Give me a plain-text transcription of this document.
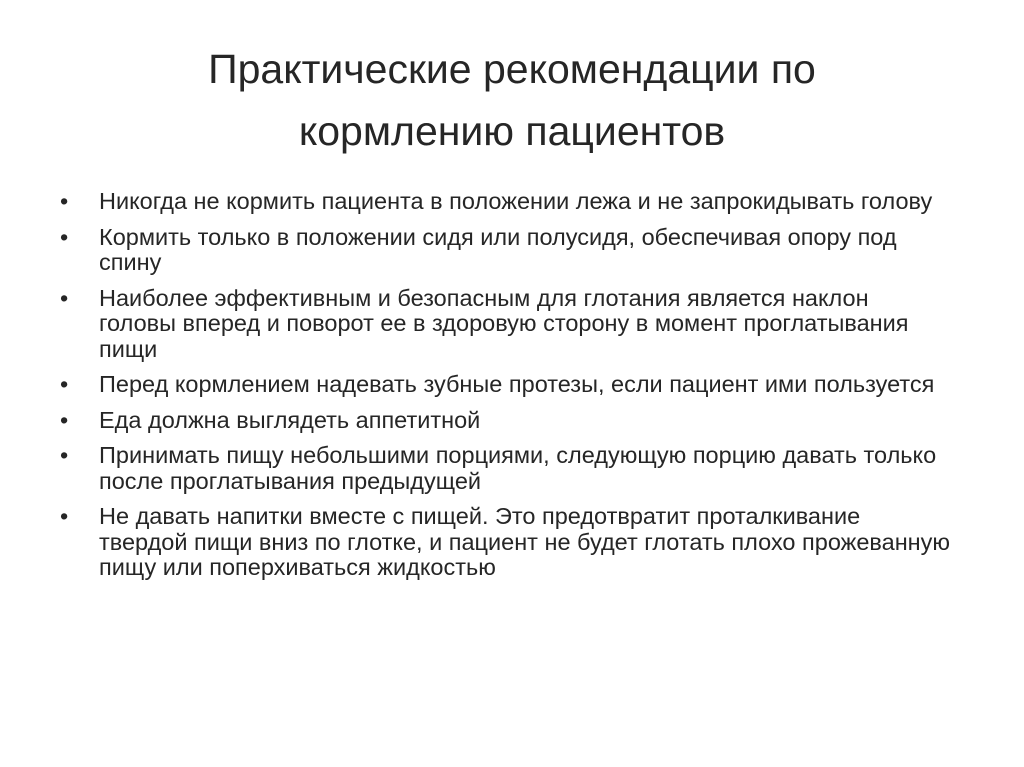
Практические рекомендации по
кормлению пациентов
• Никогда не кормить пациента в положении лежа и не запрокидывать голову
• Кормить только в положении сидя или полусидя, обеспечивая опору под спину
• Наиболее эффективным и безопасным для глотания является наклон головы вперед и поворот ее в здоровую сторону в момент проглатывания пищи
• Перед кормлением надевать зубные протезы, если пациент ими пользуется
• Еда должна выглядеть аппетитной
• Принимать пищу небольшими порциями, следующую порцию давать только после проглатывания предыдущей
• Не давать напитки вместе с пищей. Это предотвратит проталкивание твердой пищи вниз по глотке, и пациент не будет глотать плохо прожеванную пищу или поперхиваться жидкостью
